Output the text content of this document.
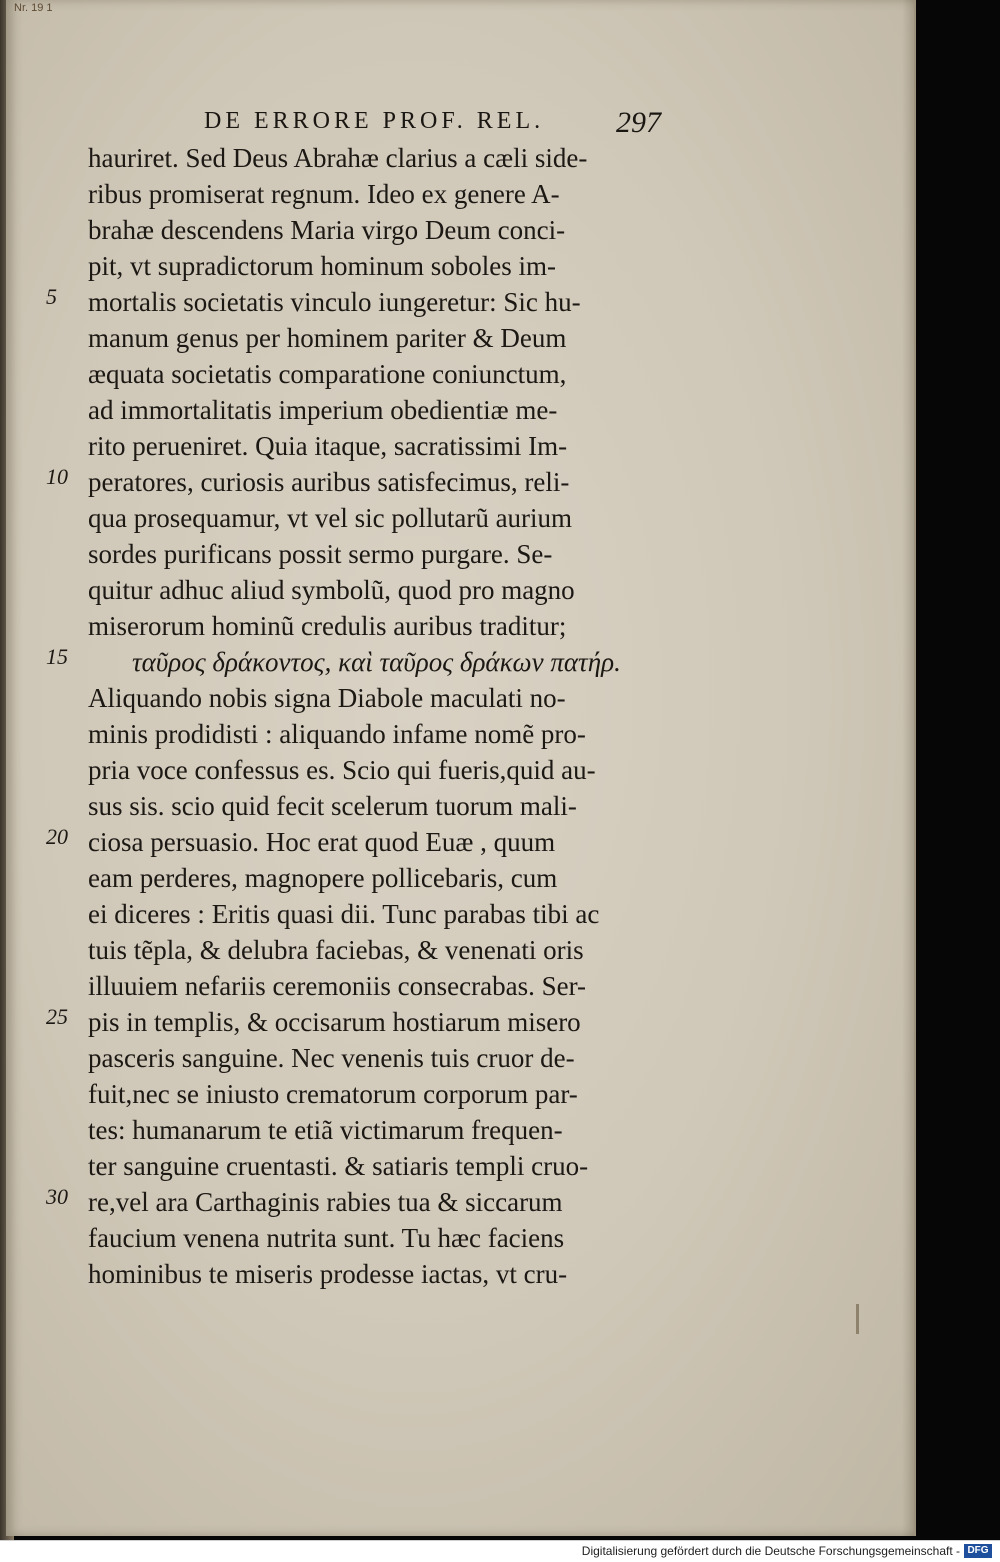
Nr. 19 1
DE ERRORE PROF. REL. 297
hauriret. Sed Deus Abrahæ clarius a cæli side-
ribus promiserat regnum. Ideo ex genere A-
brahæ descendens Maria virgo Deum conci-
pit, vt supradictorum hominum soboles im-
mortalis societatis vinculo iungeretur: Sic hu-
manum genus per hominem pariter & Deum
æquata societatis comparatione coniunctum,
ad immortalitatis imperium obedientiæ me-
rito perueniret. Quia itaque, sacratissimi Im-
peratores, curiosis auribus satisfecimus, reli-
qua prosequamur, vt vel sic pollutarũ aurium
sordes purificans possit sermo purgare. Se-
quitur adhuc aliud symbolũ, quod pro magno
miserorum hominũ credulis auribus traditur;
ταῦρος δράκοντος, καὶ ταῦρος δράκων πατήρ.
Aliquando nobis signa Diabole maculati no-
minis prodidisti : aliquando infame nomẽ pro-
pria voce confessus es. Scio qui fueris,quid au-
sus sis. scio quid fecit scelerum tuorum mali-
ciosa persuasio. Hoc erat quod Euæ , quum
eam perderes, magnopere pollicebaris, cum
ei diceres : Eritis quasi dii. Tunc parabas tibi ac
tuis tẽpla, & delubra faciebas, & venenati oris
illuuiem nefariis ceremoniis consecrabas. Ser-
pis in templis, & occisarum hostiarum misero
pasceris sanguine. Nec venenis tuis cruor de-
fuit,nec se iniusto crematorum corporum par-
tes: humanarum te etiã victimarum frequen-
ter sanguine cruentasti. & satiaris templi cruo-
re,vel ara Carthaginis rabies tua & siccarum
faucium venena nutrita sunt. Tu hæc faciens
hominibus te miseris prodesse iactas, vt cru-
5
10
15
20
25
30
Digitalisierung gefördert durch die Deutsche Forschungsgemeinschaft - DFG
